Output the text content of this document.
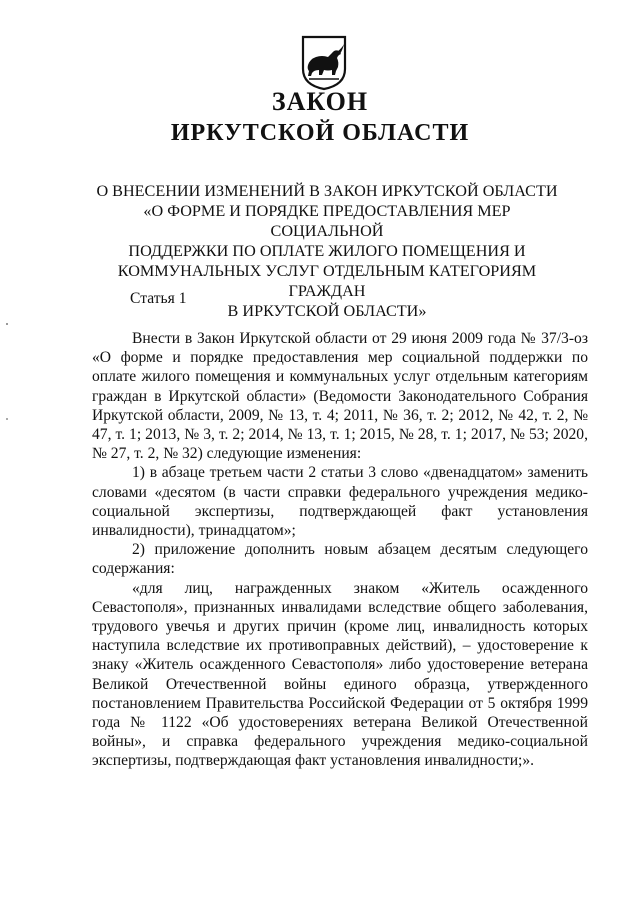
ЗАКОН
ИРКУТСКОЙ ОБЛАСТИ
О ВНЕСЕНИИ ИЗМЕНЕНИЙ В ЗАКОН ИРКУТСКОЙ ОБЛАСТИ
«О ФОРМЕ И ПОРЯДКЕ ПРЕДОСТАВЛЕНИЯ МЕР СОЦИАЛЬНОЙ
ПОДДЕРЖКИ ПО ОПЛАТЕ ЖИЛОГО ПОМЕЩЕНИЯ И
КОММУНАЛЬНЫХ УСЛУГ ОТДЕЛЬНЫМ КАТЕГОРИЯМ ГРАЖДАН
В ИРКУТСКОЙ ОБЛАСТИ»
Статья 1

Внести в Закон Иркутской области от 29 июня 2009 года № 37/3-оз «О форме и порядке предоставления мер социальной поддержки по оплате жилого помещения и коммунальных услуг отдельным категориям граждан в Иркутской области» (Ведомости Законодательного Собрания Иркутской области, 2009, № 13, т. 4; 2011, № 36, т. 2; 2012, № 42, т. 2, № 47, т. 1; 2013, № 3, т. 2; 2014, № 13, т. 1; 2015, № 28, т. 1; 2017, № 53; 2020, № 27, т. 2, № 32) следующие изменения:

1) в абзаце третьем части 2 статьи 3 слово «двенадцатом» заменить словами «десятом (в части справки федерального учреждения медико-социальной экспертизы, подтверждающей факт установления инвалидности), тринадцатом»;

2) приложение дополнить новым абзацем десятым следующего содержания:

«для лиц, награжденных знаком «Житель осажденного Севастополя», признанных инвалидами вследствие общего заболевания, трудового увечья и других причин (кроме лиц, инвалидность которых наступила вследствие их противоправных действий), – удостоверение к знаку «Житель осажденного Севастополя» либо удостоверение ветерана Великой Отечественной войны единого образца, утвержденного постановлением Правительства Российской Федерации от 5 октября 1999 года № 1122 «Об удостоверениях ветерана Великой Отечественной войны», и справка федерального учреждения медико-социальной экспертизы, подтверждающая факт установления инвалидности;».
